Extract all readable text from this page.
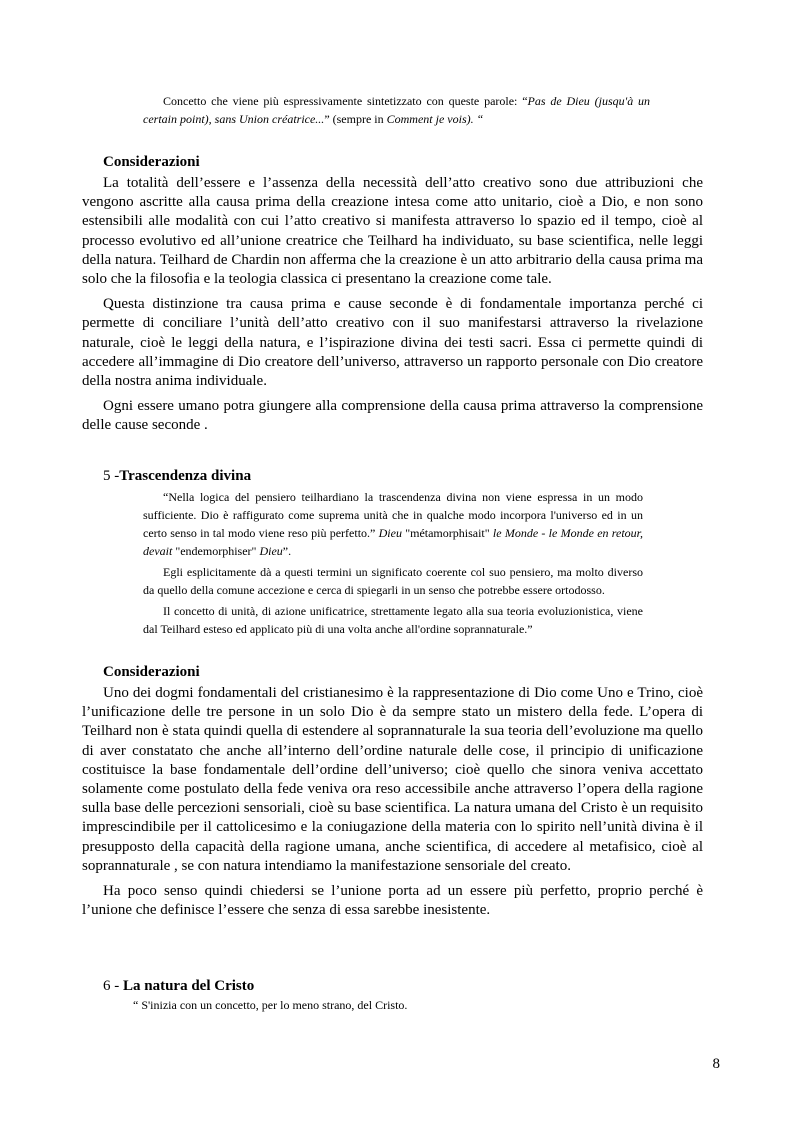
Concetto che viene più espressivamente sintetizzato con queste parole: “Pas de Dieu (jusqu'à un certain point), sans Union créatrice...” (sempre in Comment je vois). “

Considerazioni

La totalità dell’essere e l’assenza della necessità dell’atto creativo sono due attribuzioni che vengono ascritte alla causa prima della creazione intesa come atto unitario, cioè a Dio, e non sono estensibili alle modalità con cui l’atto creativo si manifesta attraverso lo spazio ed il tempo, cioè al processo evolutivo ed all’unione creatrice che Teilhard ha individuato, su base scientifica, nelle leggi della natura. Teilhard de Chardin non afferma che la creazione è un atto arbitrario della causa prima ma solo che la filosofia e la teologia classica ci presentano la creazione come tale.

Questa distinzione tra causa prima e cause seconde è di fondamentale importanza perché ci permette di conciliare l’unità dell’atto creativo con il suo manifestarsi attraverso la rivelazione naturale, cioè le leggi della natura, e l’ispirazione divina dei testi sacri. Essa ci permette quindi di accedere all’immagine di Dio creatore dell’universo, attraverso un rapporto personale con Dio creatore della nostra anima individuale.

Ogni essere umano potra giungere alla comprensione della causa prima attraverso la comprensione delle cause seconde .

5 -Trascendenza divina

“Nella logica del pensiero teilhardiano la trascendenza divina non viene espressa in un modo sufficiente. Dio è raffigurato come suprema unità che in qualche modo incorpora l'universo ed in un certo senso in tal modo viene reso più perfetto.” Dieu "métamorphisait" le Monde - le Monde en retour, devait "endemorphiser" Dieu”.

Egli esplicitamente dà a questi termini un significato coerente col suo pensiero, ma molto diverso da quello della comune accezione e cerca di spiegarli in un senso che potrebbe essere ortodosso.

Il concetto di unità, di azione unificatrice, strettamente legato alla sua teoria evoluzionistica, viene dal Teilhard esteso ed applicato più di una volta anche all'ordine soprannaturale.”

Considerazioni

Uno dei dogmi fondamentali del cristianesimo è la rappresentazione di Dio come Uno e Trino, cioè l’unificazione delle tre persone in un solo Dio è da sempre stato un mistero della fede. L’opera di Teilhard non è stata quindi quella di estendere al soprannaturale la sua teoria dell’evoluzione ma quello di aver constatato che anche all’interno dell’ordine naturale delle cose, il principio di unificazione costituisce la base fondamentale dell’ordine dell’universo; cioè quello che sinora veniva accettato solamente come postulato della fede veniva ora reso accessibile anche attraverso l’opera della ragione sulla base delle percezioni sensoriali, cioè su base scientifica. La natura umana del Cristo è un requisito imprescindibile per il cattolicesimo e la coniugazione della materia con lo spirito nell’unità divina è il presupposto della capacità della ragione umana, anche scientifica, di accedere al metafisico, cioè al soprannaturale , se con natura intendiamo la manifestazione sensoriale del creato.

Ha poco senso quindi chiedersi se l’unione porta ad un essere più perfetto, proprio perché è l’unione che definisce l’essere che senza di essa sarebbe inesistente.

6 - La natura del Cristo
“ S'inizia con un concetto, per lo meno strano, del Cristo.
8
